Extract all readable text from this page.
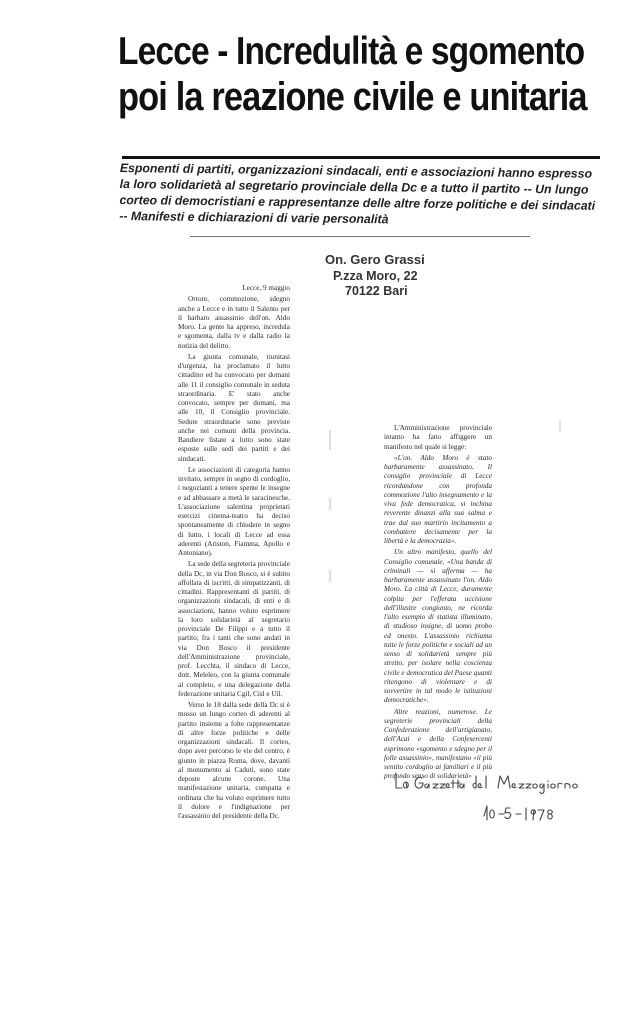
Lecce - Incredulità e sgomento
poi la reazione civile e unitaria

Esponenti di partiti, organizzazioni sindacali, enti e associazioni hanno espresso la loro solidarietà al segretario provinciale della Dc e a tutto il partito -- Un lungo corteo di democristiani e rappresentanze delle altre forze politiche e dei sindacati -- Manifesti e dichiarazioni di varie personalità

On. Gero Grassi
P.zza Moro, 22
70122 Bari

Lecce, 9 maggio

Orrore, commozione, sdegno anche a Lecce e in tutto il Salento per il barbaro assassinio dell'on. Aldo Moro. La gente ha appreso, incredula e sgomenta, dalla tv e dalla radio la notizia del delitto.

La giunta comunale, riunitasi d'urgenza, ha proclamato il lutto cittadino ed ha convocato per domani alle 11 il consiglio comunale in seduta straordinaria. E' stato anche convocato, sempre per domani, ma alle 10, il Consiglio provinciale. Sedute straordinarie sono previste anche nei comuni della provincia. Bandiere listate a lutto sono state esposte sulle sedi dei partiti e dei sindacati.

Le associazioni di categoria hanno invitato, sempre in segno di cordoglio, i negozianti a tenere spente le insegne e ad abbassare a metà le saracinesche. L'associazione salentina proprietari esercizi cinema-teatro ha deciso spontaneamente di chiudere in segno di lutto, i locali di Lecce ad essa aderenti (Ariston, Fiamma, Apollo e Antoniano).

La sede della segreteria provinciale della Dc, in via Don Bosco, si è subito affollata di iscritti, di simpatizzanti, di cittadini. Rappresentanti di partiti, di organizzazioni sindacali, di enti e di associazioni, hanno voluto esprimere la loro solidarietà al segretario provinciale De Filippi e a tutto il partito; fra i tanti che sono andati in via Don Bosco il presidente dell'Amministrazione provinciale, prof. Lecchta, il sindaco di Lecce, dott. Meleleo, con la giunta comunale al completo, e una delegazione della federazione unitaria Cgil, Cisl e Uil.

Verso le 18 dalla sede della Dc si è mosso un lungo corteo di aderenti al partito insieme a folte rappresentanze di altre forze politiche e delle organizzazioni sindacali. Il corteo, dopo aver percorso le vie del centro, è giunto in piazza Roma, dove, davanti al monumento ai Caduti, sono state deposte alcune corone. Una manifestazione unitaria, compatta e ordinata che ha voluto esprimere tutto il dolore e l'indignazione per l'assassinio del presidente della Dc.

L'Amministrazione provinciale intanto ha fatto affiggere un manifesto nel quale si legge:

«L'on. Aldo Moro è stato barbaramente assassinato. Il consiglio provinciale di Lecce ricordandone con profonda commozione l'alto insegnamento e la viva fede democratica, si inchina reverente dinanzi alla sua salma e trae dal suo martirio incitamento a combattere decisamente per la libertà e la democrazia».

Un altro manifesto, quello del Consiglio comunale, «Una banda di criminali — si afferma — ha barbaramente assassinato l'on. Aldo Moro. La città di Lecce, duramente colpita per l'efferata uccisione dell'illustre congiunto, ne ricorda l'alto esempio di statista illuminato, di studioso insigne, di uomo probo ed onesto. L'assassinio richiama tutte le forze politiche e sociali ad un senso di solidarietà sempre più stretto, per isolare nella coscienza civile e democratica del Paese quanti ritengono di violentare e di sovvertire in tal modo le istituzioni democratiche».

Altre reazioni, numerose. Le segreterie provinciali della Confederazione dell'artigianato, dell'Acai e della Confesercenti esprimono «sgomento e sdegno per il folle assassinio», manifestano «il più sentito cordoglio ai familiari e il più profondo senso di solidarietà»
